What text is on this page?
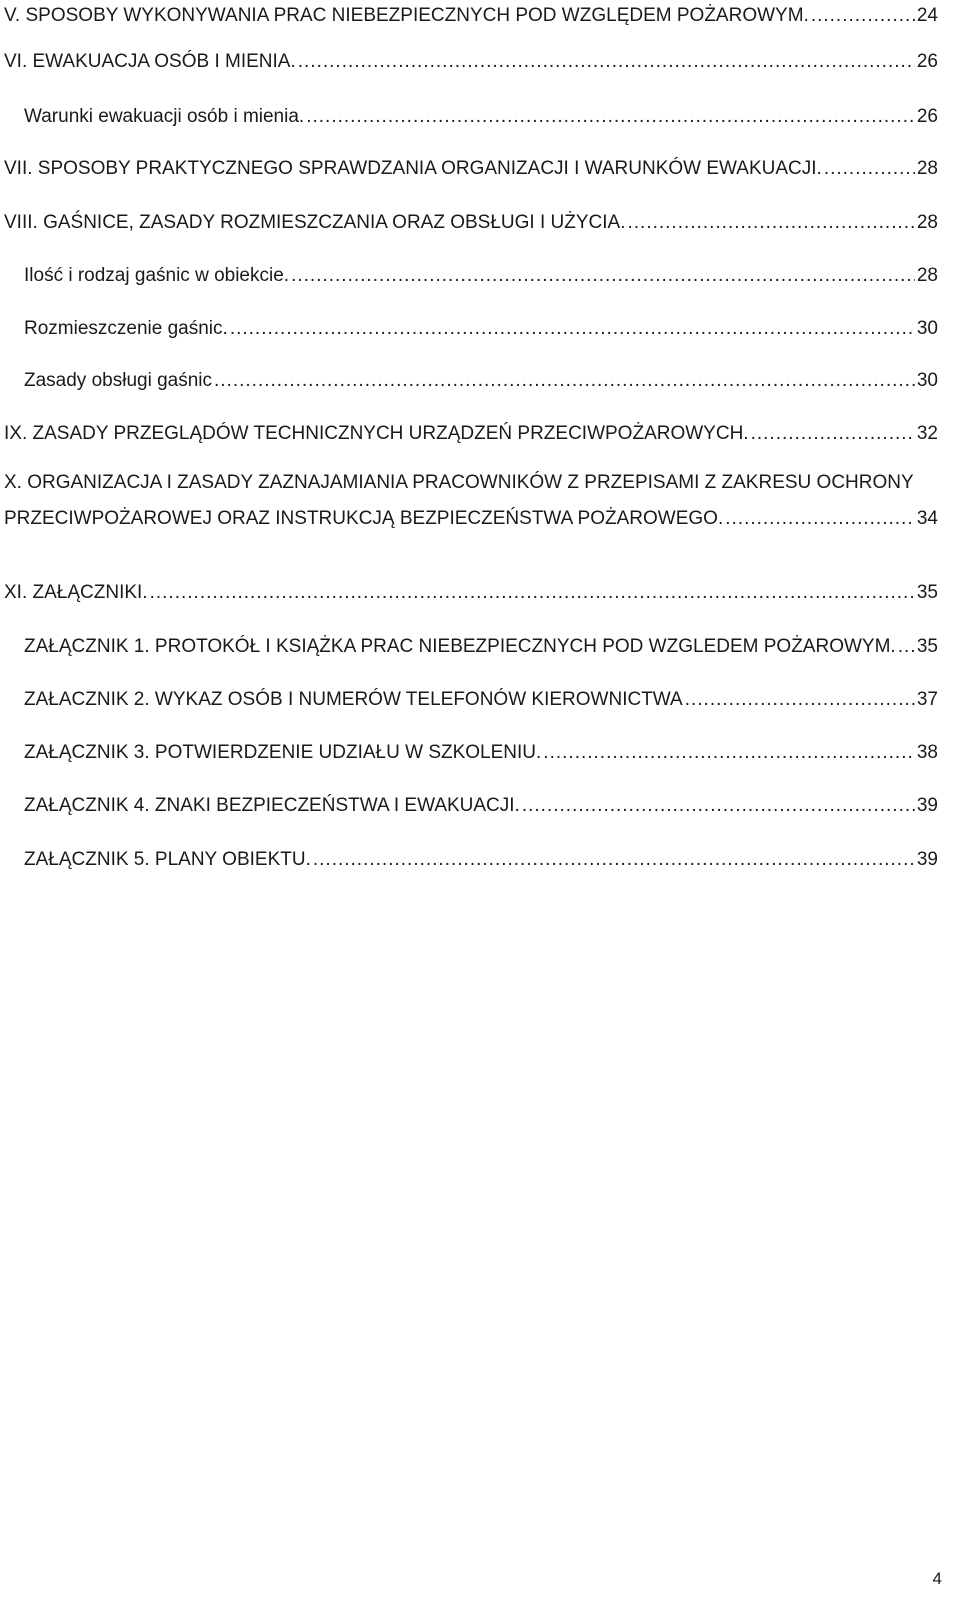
V. SPOSOBY WYKONYWANIA PRAC NIEBEZPIECZNYCH POD WZGLĘDEM POŻAROWYM. .....	24
VI. EWAKUACJA OSÓB I MIENIA. .....	26
Warunki ewakuacji osób i mienia. .....	26
VII. SPOSOBY PRAKTYCZNEGO SPRAWDZANIA ORGANIZACJI I WARUNKÓW EWAKUACJI. .....	28
VIII. GAŚNICE, ZASADY ROZMIESZCZANIA ORAZ OBSŁUGI I UŻYCIA. .....	28
Ilość i rodzaj gaśnic w obiekcie. .....	28
Rozmieszczenie gaśnic. .....	30
Zasady obsługi gaśnic .....	30
IX. ZASADY PRZEGLĄDÓW TECHNICZNYCH URZĄDZEŃ PRZECIWPOŻAROWYCH. .....	32
X. ORGANIZACJA I ZASADY ZAZNAJAMIANIA PRACOWNIKÓW Z PRZEPISAMI Z ZAKRESU OCHRONY
PRZECIWPOŻAROWEJ ORAZ INSTRUKCJĄ BEZPIECZEŃSTWA POŻAROWEGO. .....	34
XI. ZAŁĄCZNIKI. .....	35
ZAŁĄCZNIK 1. PROTOKÓŁ I KSIĄŻKA PRAC NIEBEZPIECZNYCH POD WZGLEDEM POŻAROWYM. ..... 35
ZAŁACZNIK 2. WYKAZ OSÓB I NUMERÓW TELEFONÓW KIEROWNICTWA .....	37
ZAŁĄCZNIK 3. POTWIERDZENIE UDZIAŁU W SZKOLENIU. .....	38
ZAŁĄCZNIK 4. ZNAKI BEZPIECZEŃSTWA I EWAKUACJI. .....	39
ZAŁĄCZNIK 5. PLANY OBIEKTU. .....	39
4
